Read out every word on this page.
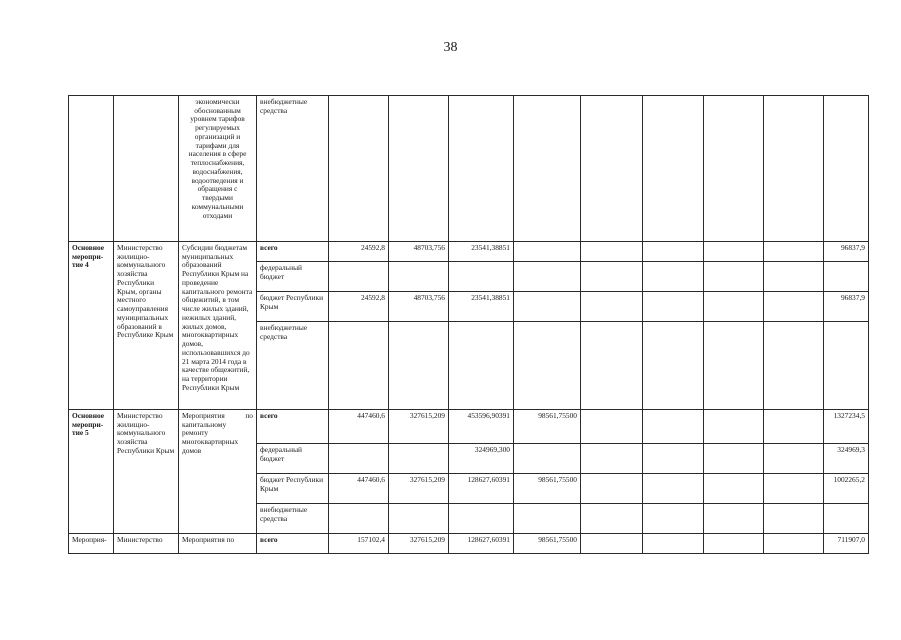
38
		экономически обоснованным уровнем тарифов регулируемых организаций и тарифами для населения в сфере теплоснабжения, водоснабжения, водоотведения и обращения с твердыми коммунальными отходами	внебюджетные средства									
Основное меропри-тие 4	Министерство жилищно-коммунального хозяйства Республики Крым, органы местного самоуправления муниципальных образований в Республике Крым	Субсидии бюджетам муниципальных образований Республики Крым на проведение капитального ремонта общежитий, в том числе жилых зданий, нежилых зданий, жилых домов, многоквартирных домов, использовавшихся до 21 марта 2014 года в качестве общежитий, на территории Республики Крым	всего	24592,8	48703,756	23541,38851						96837,9
			федеральный бюджет									
			бюджет Республики Крым	24592,8	48703,756	23541,38851						96837,9
			внебюджетные средства									
Основное меропри-тие 5	Министерство жилищно-коммунального хозяйства Республики Крым	Мероприятия по капитальному ремонту многоквартирных домов	всего	447460,6	327615,209	453596,90391	98561,75500					1327234,5
			федеральный бюджет			324969,300						324969,3
			бюджет Республики Крым	447460,6	327615,209	128627,60391	98561,75500					1002265,2
			внебюджетные средства									
Мероприя-	Министерство	Мероприятия по	всего	157102,4	327615,209	128627,60391	98561,75500					711907,0
